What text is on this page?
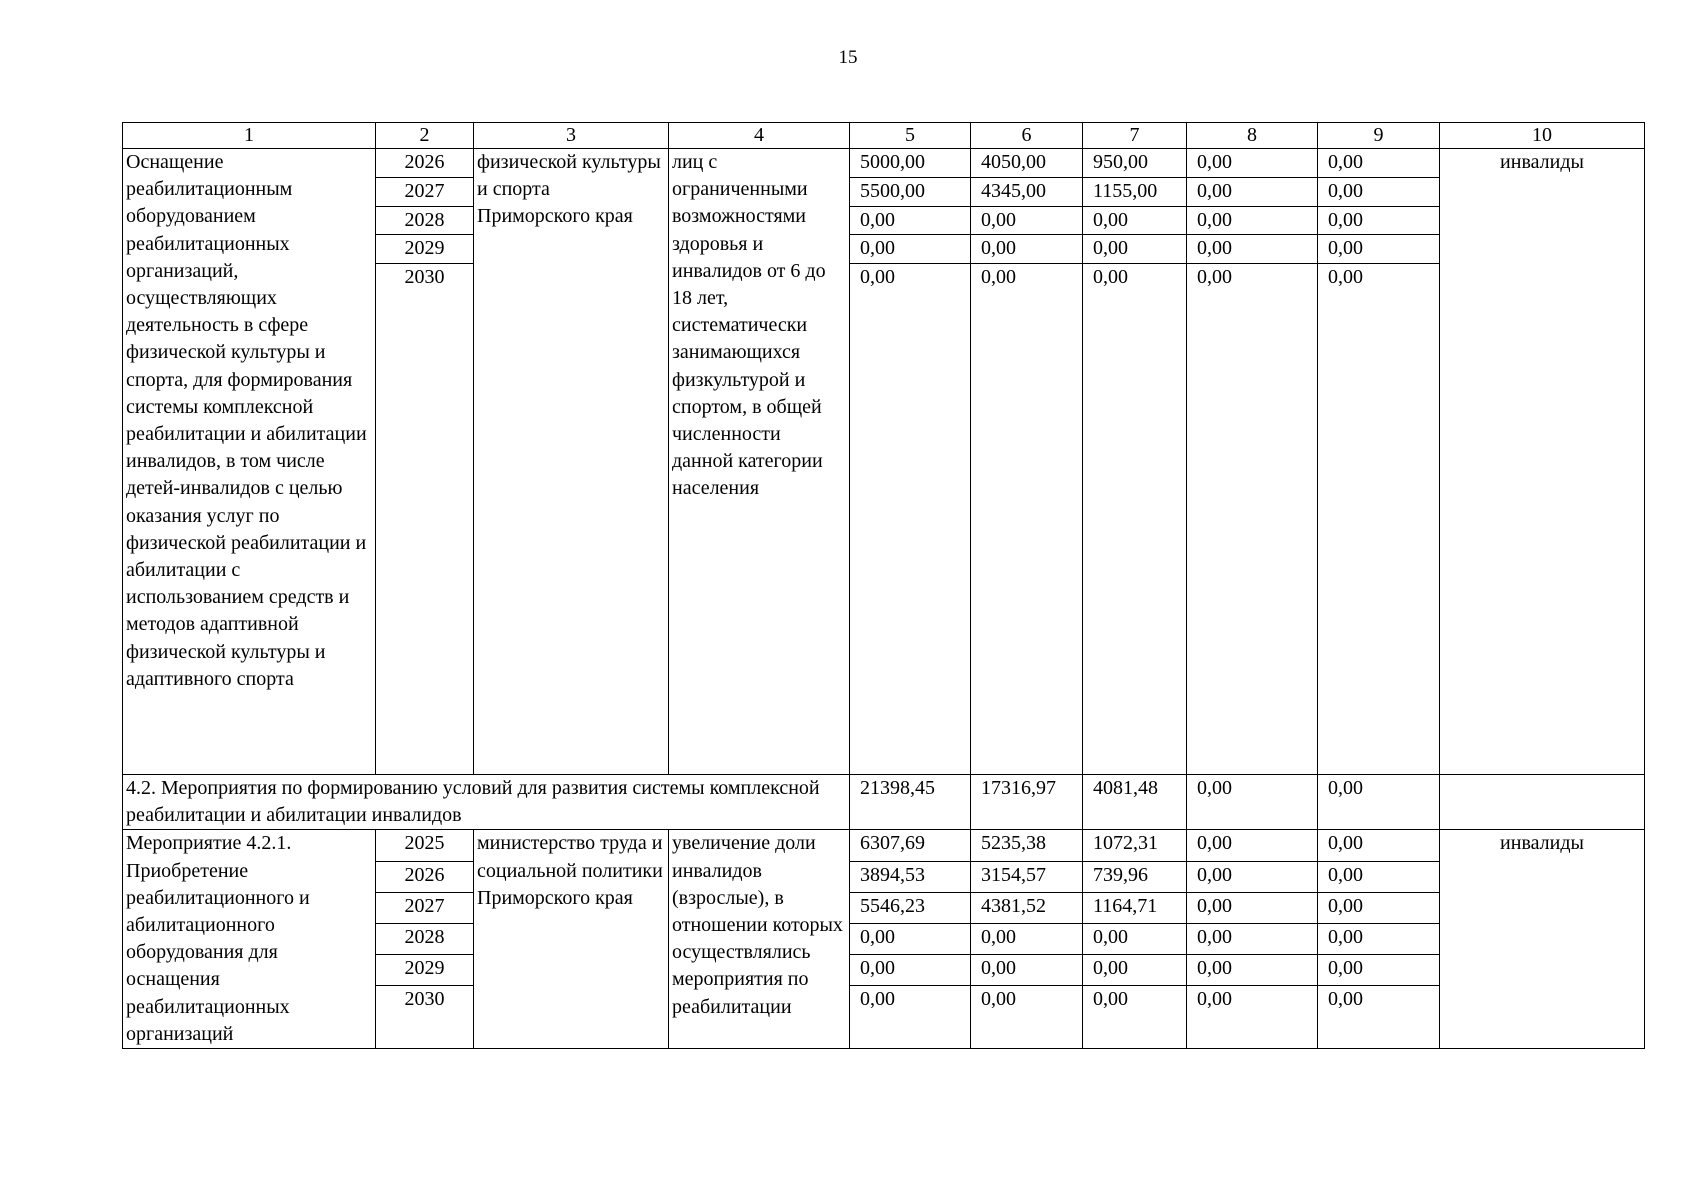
15
1	2	3	4	5	6	7	8	9	10
Оснащение реабилитационным оборудованием реабилитационных организаций, осуществляющих деятельность в сфере физической культуры и спорта, для формирования системы комплексной реабилитации и абилитации инвалидов, в том числе детей-инвалидов с целью оказания услуг по физической реабилитации и абилитации с использованием средств и методов адаптивной физической культуры и адаптивного спорта	2026	физической культуры и спорта Приморского края	лиц с ограниченными возможностями здоровья и инвалидов от 6 до 18 лет, систематически занимающихся физкультурой и спортом, в общей численности данной категории населения	5000,00	4050,00	950,00	0,00	0,00	инвалиды
	2027			5500,00	4345,00	1155,00	0,00	0,00	
	2028			0,00	0,00	0,00	0,00	0,00	
	2029			0,00	0,00	0,00	0,00	0,00	
	2030			0,00	0,00	0,00	0,00	0,00	
4.2. Мероприятия по формированию условий для развития системы комплексной реабилитации и абилитации инвалидов				21398,45	17316,97	4081,48	0,00	0,00	
Мероприятие 4.2.1. Приобретение реабилитационного и абилитационного оборудования для оснащения реабилитационных организаций	2025	министерство труда и социальной политики Приморского края	увеличение доли инвалидов (взрослые), в отношении которых осуществлялись мероприятия по реабилитации	6307,69	5235,38	1072,31	0,00	0,00	инвалиды
	2026			3894,53	3154,57	739,96	0,00	0,00	
	2027			5546,23	4381,52	1164,71	0,00	0,00	
	2028			0,00	0,00	0,00	0,00	0,00	
	2029			0,00	0,00	0,00	0,00	0,00	
	2030			0,00	0,00	0,00	0,00	0,00	
